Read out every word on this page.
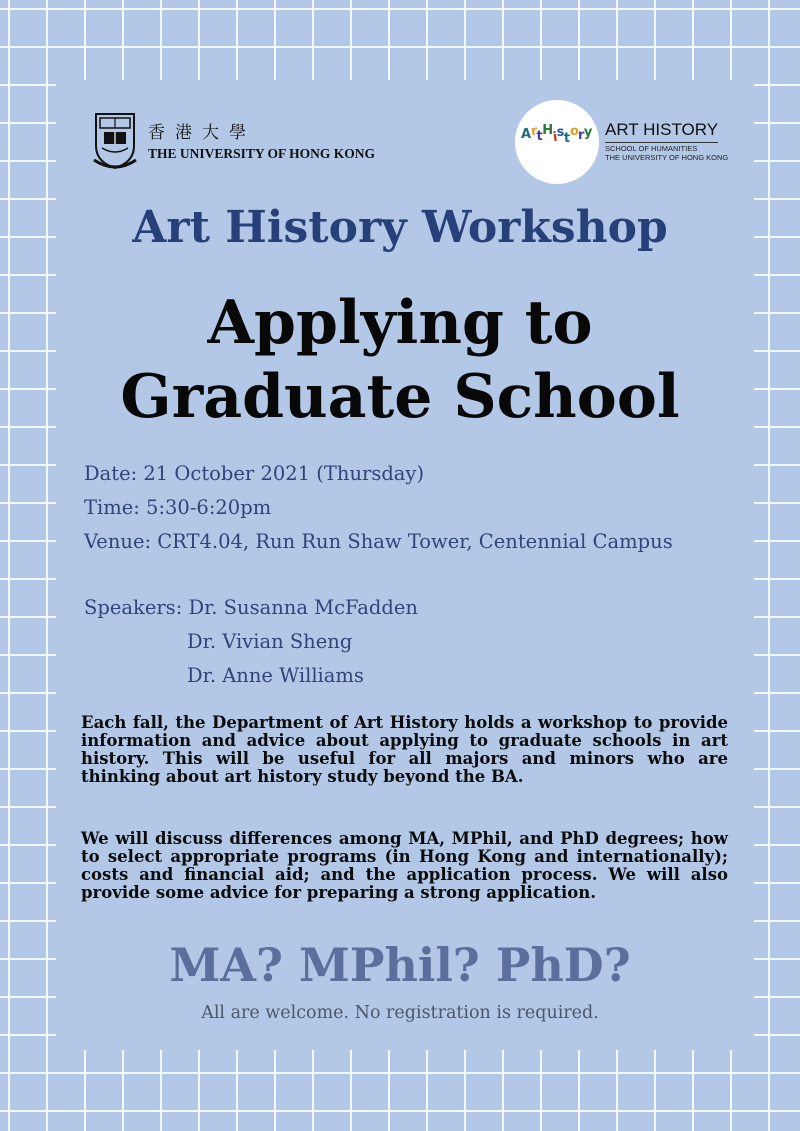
香港大學
THE UNIVERSITY OF HONG KONG
ArtHistory ART HISTORY
SCHOOL OF HUMANITIES
THE UNIVERSITY OF HONG KONG
Art History Workshop
Applying to
Graduate School
Date: 21 October 2021 (Thursday)
Time: 5:30-6:20pm
Venue: CRT4.04, Run Run Shaw Tower, Centennial Campus
Speakers: Dr. Susanna McFadden
Dr. Vivian Sheng
Dr. Anne Williams

Each fall, the Department of Art History holds a workshop to provide information and advice about applying to graduate schools in art history. This will be useful for all majors and minors who are thinking about art history study beyond the BA.

We will discuss differences among MA, MPhil, and PhD degrees; how to select appropriate programs (in Hong Kong and internationally); costs and financial aid; and the application process. We will also provide some advice for preparing a strong application.

MA? MPhil? PhD?
All are welcome. No registration is required.
